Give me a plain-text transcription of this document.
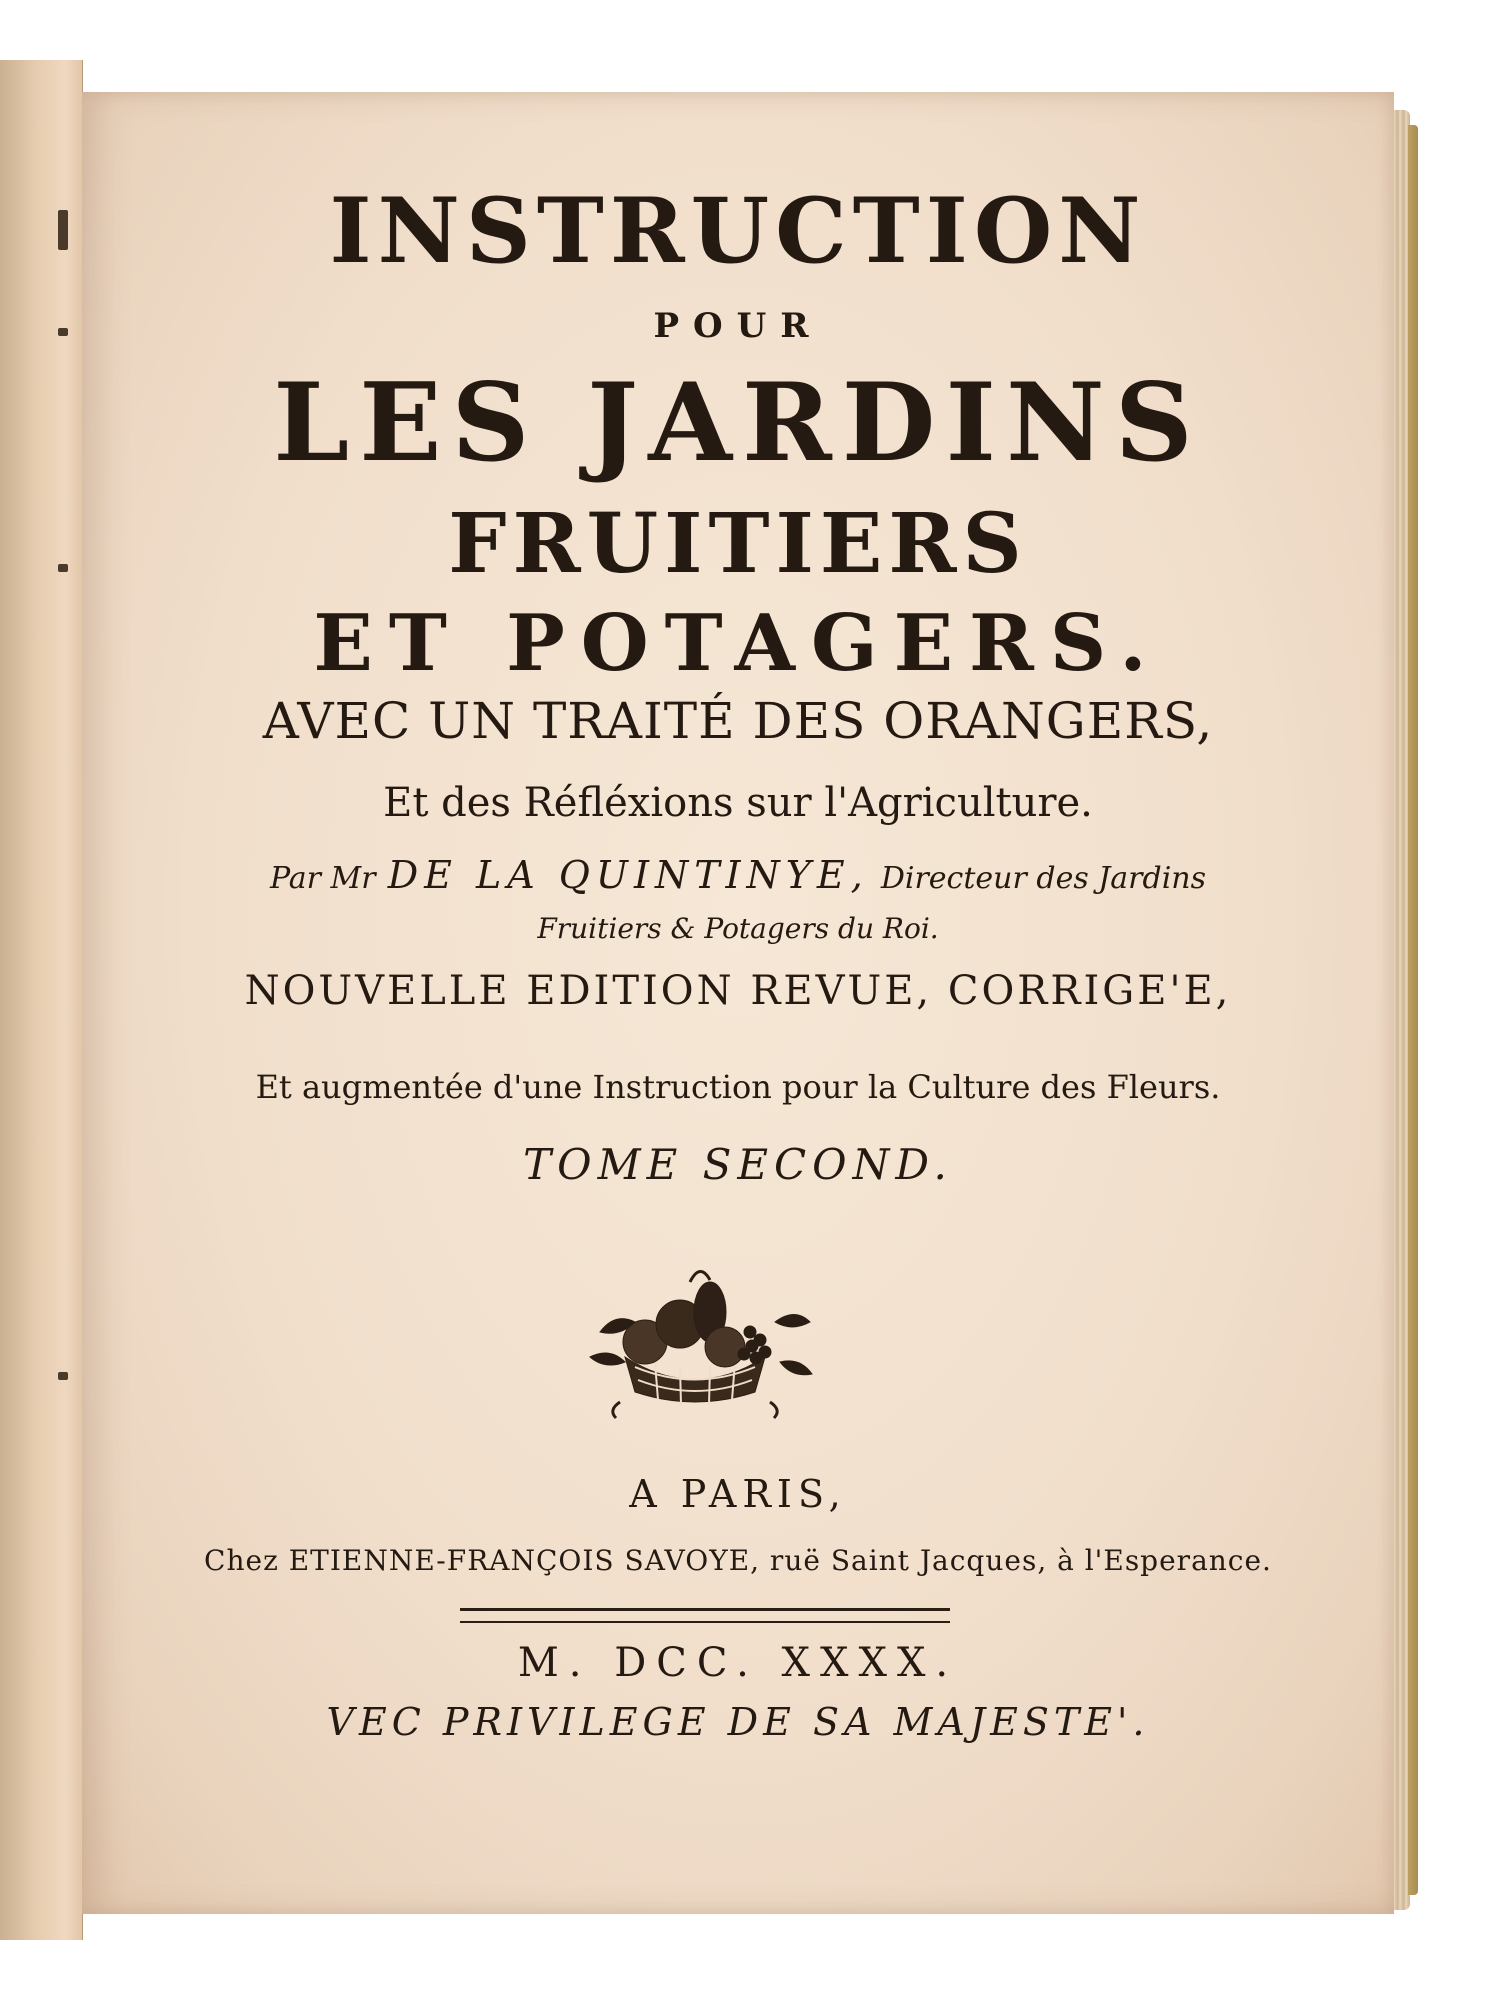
INSTRUCTION

POUR

LES JARDINS

FRUITIERS

ET POTAGERS.

AVEC UN TRAITÉ DES ORANGERS,

Et des Réfléxions sur l'Agriculture.

Par Mr DE LA QUINTINYE, Directeur des Jardins

Fruitiers & Potagers du Roi.

NOUVELLE EDITION REVUE, CORRIGE'E,

Et augmentée d'une Instruction pour la Culture des Fleurs.

TOME SECOND.

A PARIS,

Chez ETIENNE-FRANÇOIS SAVOYE, ruë Saint Jacques, à l'Esperance.

M. DCC. XXXX.

VEC PRIVILEGE DE SA MAJESTE'.
